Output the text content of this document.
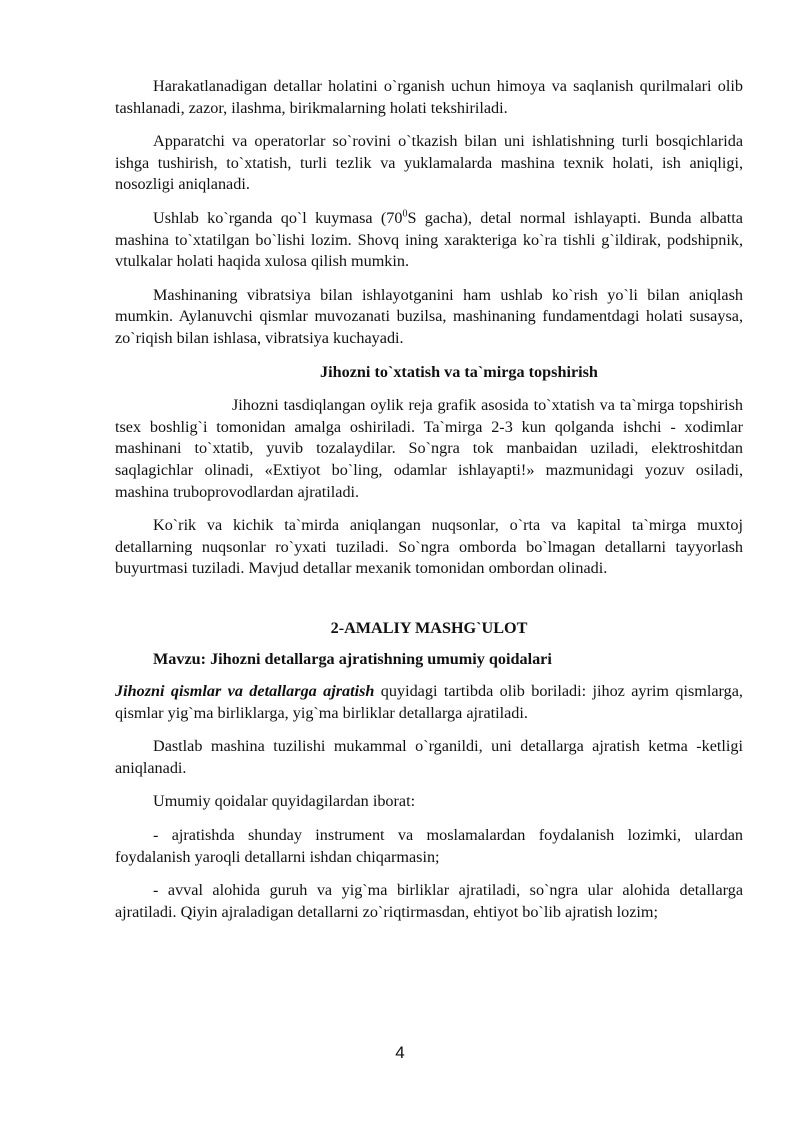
Harakatlanadigan detallar holatini o`rganish uchun himoya va saqlanish qurilmalari olib tashlanadi, zazor, ilashma, birikmalarning holati tekshiriladi.

Apparatchi va operatorlar so`rovini o`tkazish bilan uni ishlatishning turli bosqichlarida ishga tushirish, to`xtatish, turli tezlik va yuklamalarda mashina texnik holati, ish aniqligi, nosozligi aniqlanadi.

Ushlab ko`rganda qo`l kuymasa ($70^0S$ gacha), detal normal ishlayapti. Bunda albatta mashina to`xtatilgan bo`lishi lozim. Shovq ining xarakteriga ko`ra tishli g`ildirak, podshipnik, vtulkalar holati haqida xulosa qilish mumkin.

Mashinaning vibratsiya bilan ishlayotganini ham ushlab ko`rish yo`li bilan aniqlash mumkin. Aylanuvchi qismlar muvozanati buzilsa, mashinaning fundamentdagi holati susaysa, zo`riqish bilan ishlasa, vibratsiya kuchayadi.

Jihozni to`xtatish va ta`mirga topshirish

Jihozni tasdiqlangan oylik reja grafik asosida to`xtatish va ta`mirga topshirish tsex boshlig`i tomonidan amalga oshiriladi. Ta`mirga 2-3 kun qolganda ishchi - xodimlar mashinani to`xtatib, yuvib tozalaydilar. So`ngra tok manbaidan uziladi, elektroshitdan saqlagichlar olinadi, «Extiyot bo`ling, odamlar ishlayapti!» mazmunidagi yozuv osiladi, mashina truboprovodlardan ajratiladi.

Ko`rik va kichik ta`mirda aniqlangan nuqsonlar, o`rta va kapital ta`mirga muxtoj detallarning nuqsonlar ro`yxati tuziladi. So`ngra omborda bo`lmagan detallarni tayyorlash buyurtmasi tuziladi. Mavjud detallar mexanik tomonidan ombordan olinadi.

2-AMALIY MASHG`ULOT

Mavzu: Jihozni detallarga ajratishning umumiy qoidalari

Jihozni qismlar va detallarga ajratish quyidagi tartibda olib boriladi: jihoz ayrim qismlarga, qismlar yig`ma birliklarga, yig`ma birliklar detallarga ajratiladi.

Dastlab mashina tuzilishi mukammal o`rganildi, uni detallarga ajratish ketma -ketligi aniqlanadi.

Umumiy qoidalar quyidagilardan iborat:

- ajratishda shunday instrument va moslamalardan foydalanish lozimki, ulardan foydalanish yaroqli detallarni ishdan chiqarmasin;

- avval alohida guruh va yig`ma birliklar ajratiladi, so`ngra ular alohida detallarga ajratiladi. Qiyin ajraladigan detallarni zo`riqtirmasdan, ehtiyot bo`lib ajratish lozim;

4
